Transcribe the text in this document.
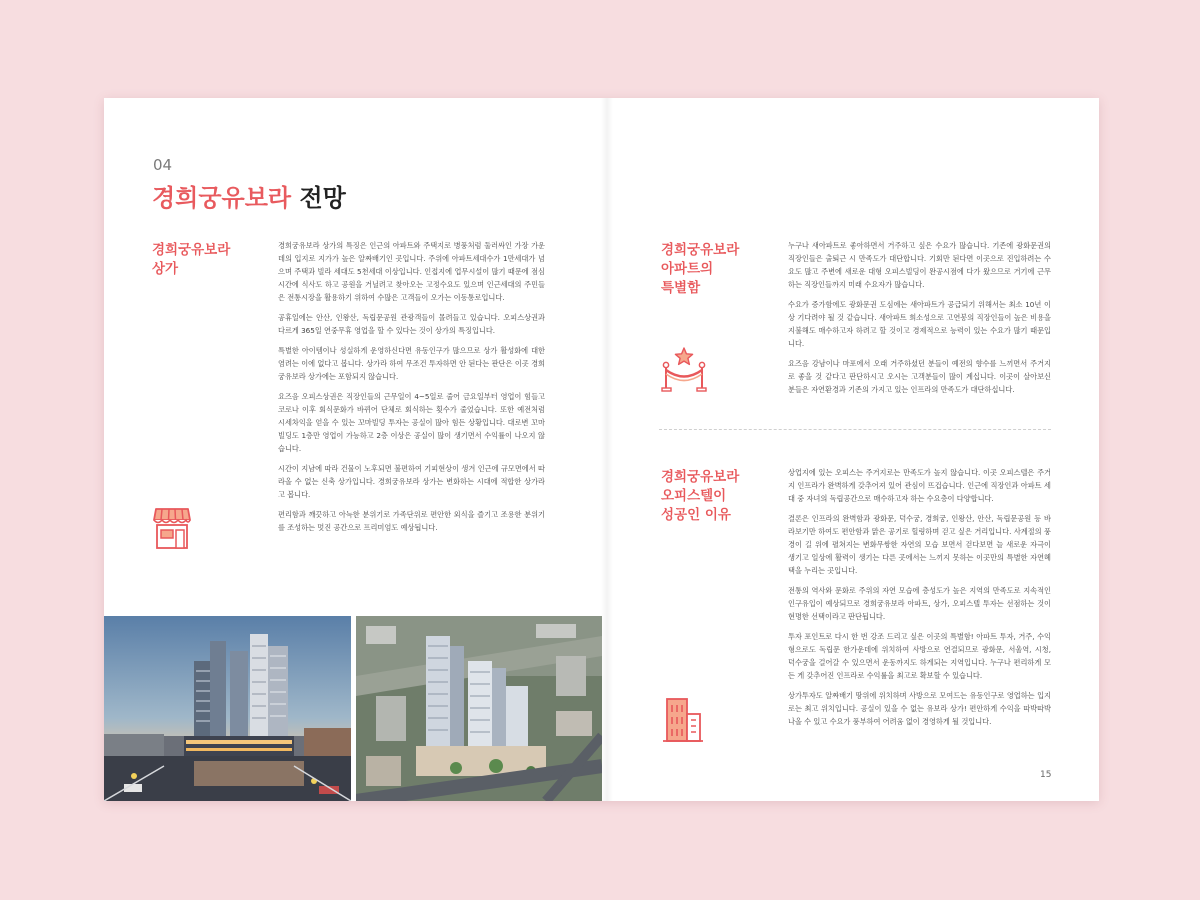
04
경희궁유보라 전망
경희궁유보라
상가

경희궁유보라 상가의 특징은 인근의 아파트와 주택지로 병풍처럼 둘러싸인 가장 가운데의 입지로 지가가 높은 알짜배기인 곳입니다. 주위에 아파트세대수가 1만세대가 넘으며 주택과 빌라 세대도 5천세대 이상입니다. 인접지에 업무시설이 많기 때문에 점심시간에 식사도 하고 공원을 거닐려고 찾아오는 고정수요도 있으며 인근세대의 주민들은 전통시장을 활용하기 위하여 수많은 고객들이 오가는 이동통로입니다.

공휴일에는 안산, 인왕산, 독립문공원 관광객들이 몰려들고 있습니다. 오피스상권과 다르게 365일 연중무휴 영업을 할 수 있다는 것이 상가의 특징입니다.

특별한 아이템이나 성실하게 운영하신다면 유동인구가 많으므로 상가 활성화에 대한 염려는 이에 없다고 봅니다. 상가라 하여 무조건 투자하면 안 된다는 판단은 이곳 경희궁유보라 상가에는 포함되지 않습니다.

요즈음 오피스상권은 직장인들의 근무일이 4~5일로 줄어 금요일부터 영업이 힘들고 코로나 이후 회식문화가 바뀌어 단체로 회식하는 횟수가 줄었습니다. 또한 예전처럼 시세차익을 얻을 수 있는 꼬마빌딩 투자는 공실이 많아 힘든 상황입니다. 대로변 꼬마빌딩도 1층만 영업이 가능하고 2층 이상은 공실이 많이 생기면서 수익률이 나오지 않습니다.

시간이 지남에 따라 건물이 노후되면 불편하여 기피현상이 생겨 인근에 규모면에서 따라올 수 없는 신축 상가입니다. 경희궁유보라 상가는 변화하는 시대에 적합한 상가라고 봅니다.

편리함과 깨끗하고 아늑한 분위기로 가족단위로 편안한 외식을 즐기고 조용한 분위기를 조성하는 멋진 공간으로 프리미엄도 예상됩니다.

경희궁유보라
아파트의
특별함

누구나 새아파트로 좋아하면서 거주하고 싶은 수요가 많습니다. 기존에 광화문권의 직장인들은 출퇴근 시 만족도가 대단합니다. 기회만 된다면 이곳으로 진입하려는 수요도 많고 주변에 새로운 대형 오피스빌딩이 완공시점에 다가 왔으므로 거기에 근무하는 직장인들까지 미래 수요자가 많습니다.

수요가 증가함에도 광화문권 도심에는 새아파트가 공급되기 위해서는 최소 10년 이상 기다려야 될 것 같습니다. 새아파트 희소성으로 고연봉의 직장인들이 높은 비용을 지불해도 매수하고자 하려고 할 것이고 경제적으로 능력이 있는 수요가 많기 때문입니다.

요즈음 강남이나 마포에서 오래 거주하셨던 분들이 예전의 향수를 느끼면서 주거지로 좋을 것 같다고 판단하시고 오시는 고객분들이 많이 계십니다. 이곳이 살아보신 분들은 자연환경과 기존의 가지고 있는 인프라의 만족도가 대단하십니다.

경희궁유보라
오피스텔이
성공인 이유

상업지에 있는 오피스는 주거지로는 만족도가 높지 않습니다. 이곳 오피스텔은 주거지 인프라가 완벽하게 갖추어져 있어 관심이 뜨겁습니다. 인근에 직장인과 아파트 세대 중 자녀의 독립공간으로 매수하고자 하는 수요층이 다양합니다.

결론은 인프라의 완벽함과 광화문, 덕수궁, 경희궁, 인왕산, 안산, 독립문공원 등 바라보기만 하여도 편안함과 맑은 공기로 힐링하며 걷고 싶은 거리입니다. 사계절의 풍경이 길 위에 펼쳐지는 변화무쌍한 자연의 모습 보면서 걷다보면 늘 새로운 자극이 생기고 일상에 활력이 생기는 다른 곳에서는 느끼지 못하는 이곳만의 특별한 자연혜택을 누리는 곳입니다.

전통의 역사와 문화로 주위의 자연 모습에 층성도가 높은 지역의 만족도로 지속적인 인구유입이 예상되므로 경희궁유보라 아파트, 상가, 오피스텔 투자는 선점하는 것이 현명한 선택이라고 판단됩니다.

투자 포인트로 다시 한 번 강조 드리고 싶은 이곳의 특별함! 아파트 투자, 거주, 수익형으로도 독립문 한가운데에 위치하여 사방으로 연결되므로 광화문, 서울역, 시청, 덕수궁을 걸어갈 수 있으면서 운동까지도 하게되는 지역입니다. 누구나 편리하게 모든 게 갖추어진 인프라로 수익률을 최고로 확보할 수 있습니다.

상가투자도 알짜배기 땅위에 위치하며 사방으로 모여드는 유동인구로 영업하는 입지로는 최고 위치입니다. 공실이 있을 수 없는 유보라 상가! 편안하게 수익을 따박따박 나올 수 있고 수요가 풍부하여 어려움 없이 경영하게 될 것입니다.

15
